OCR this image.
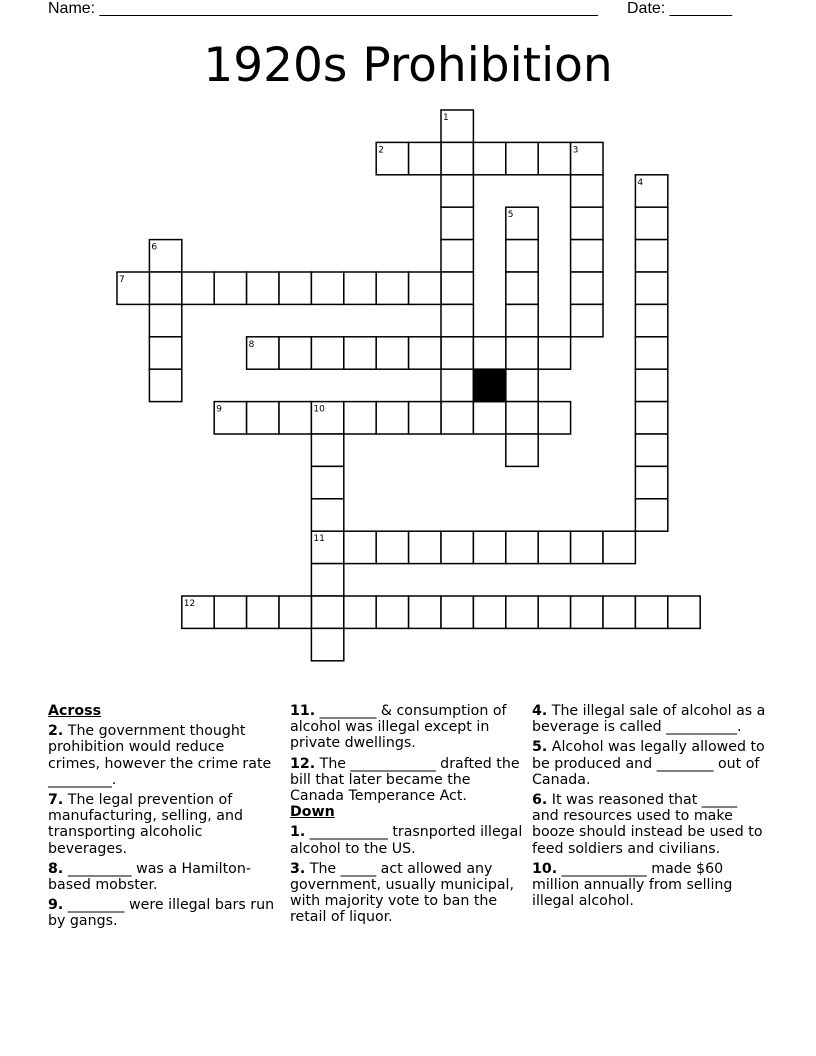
Name: ________________________________________________________ Date: _______
1920s Prohibition
1
2	3
4
5
6
7
8
9	10
11
12
Across
2. The government thought prohibition would reduce crimes, however the crime rate _________.
7. The legal prevention of manufacturing, selling, and transporting alcoholic beverages.
8. _________ was a Hamilton-based mobster.
9. ________ were illegal bars run by gangs.
11. ________ & consumption of alcohol was illegal except in private dwellings.
12. The ____________ drafted the bill that later became the Canada Temperance Act.
Down
1. ___________ trasnported illegal alcohol to the US.
3. The _____ act allowed any government, usually municipal, with majority vote to ban the retail of liquor.
4. The illegal sale of alcohol as a beverage is called __________.
5. Alcohol was legally allowed to be produced and ________ out of Canada.
6. It was reasoned that _____ and resources used to make booze should instead be used to feed soldiers and civilians.
10. ____________ made $60 million annually from selling illegal alcohol.
